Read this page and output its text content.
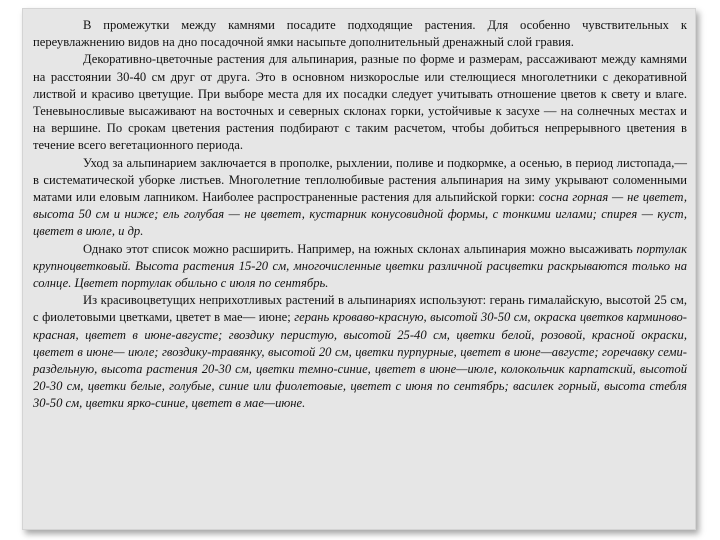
В промежутки между камнями посадите подходящие растения. Для особенно чувствительных к переувлажнению видов на дно посадочной ямки насыпьте дополнительный дренажный слой гравия.

Декоративно-цветочные растения для альпинария, разные по форме и размерам, рассаживают между камнями на расстоянии 30-40 см друг от друга. Это в основном низкорослые или стелющиеся многолетники с декоративной листвой и красиво цветущие. При выборе места для их посадки следует учитывать отношение цветов к свету и влаге. Теневыносливые высаживают на восточных и северных склонах горки, устойчивые к засухе — на солнечных местах и на вершине. По срокам цветения растения подбирают с таким расчетом, чтобы добиться непрерывного цветения в течение всего вегетационного периода.

Уход за альпинарием заключается в прополке, рыхлении, поливе и подкормке, а осенью, в период листопада,— в систематической уборке листьев. Многолетние теплолюбивые растения альпинария на зиму укрывают соломенными матами или еловым лапником. Наиболее распространенные растения для альпийской горки: сосна горная — не цветет, высота 50 см и ниже; ель голубая — не цветет, кустарник конусовидной формы, с тонкими иглами; спирея — куст, цветет в июле, и др.

Однако этот список можно расширить. Например, на южных склонах альпинария можно высаживать портулак крупноцветковый. Высота растения 15-20 см, многочисленные цветки различной расцветки раскрываются только на солнце. Цветет портулак обильно с июля по сентябрь.

Из красивоцветущих неприхотливых растений в альпинариях используют: герань гималайскую, высотой 25 см, с фиолетовыми цветками, цветет в мае— июне; герань кроваво-красную, высотой 30-50 см, окраска цветков карминово-красная, цветет в июне-августе; гвоздику перистую, высотой 25-40 см, цветки белой, розовой, красной окраски, цветет в июне— июле; гвоздику-травянку, высотой 20 см, цветки пурпурные, цветет в июне—августе; горечавку семи-раздельную, высота растения 20-30 см, цветки темно-синие, цветет в июне—июле, колокольчик карпатский, высотой 20-30 см, цветки белые, голубые, синие или фиолетовые, цветет с июня по сентябрь; василек горный, высота стебля 30-50 см, цветки ярко-синие, цветет в мае—июне.
